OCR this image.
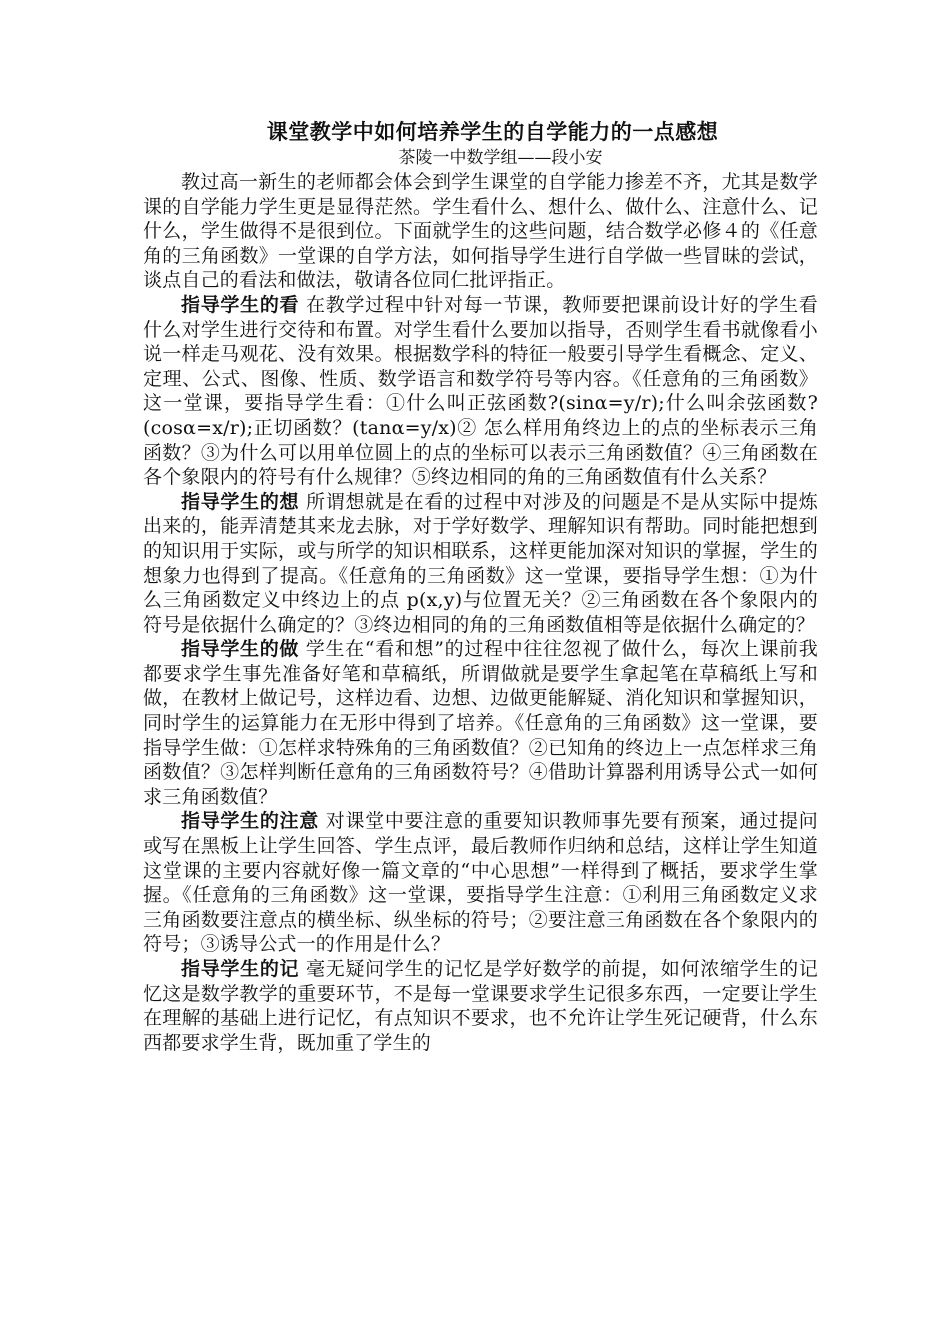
课堂教学中如何培养学生的自学能力的一点感想
茶陵一中数学组——段小安

教过高一新生的老师都会体会到学生课堂的自学能力掺差不齐，尤其是数学课的自学能力学生更是显得茫然。学生看什么、想什么、做什么、注意什么、记什么，学生做得不是很到位。下面就学生的这些问题，结合数学必修４的《任意角的三角函数》一堂课的自学方法，如何指导学生进行自学做一些冒昧的尝试，谈点自己的看法和做法，敬请各位同仁批评指正。

指导学生的看 在教学过程中针对每一节课，教师要把课前设计好的学生看什么对学生进行交待和布置。对学生看什么要加以指导，否则学生看书就像看小说一样走马观花、没有效果。根据数学科的特征一般要引导学生看概念、定义、定理、公式、图像、性质、数学语言和数学符号等内容。《任意角的三角函数》这一堂课，要指导学生看：①什么叫正弦函数?(sinα=y/r);什么叫余弦函数?(cosα=x/r);正切函数？(tanα=y/x)② 怎么样用角终边上的点的坐标表示三角函数？③为什么可以用单位圆上的点的坐标可以表示三角函数值？④三角函数在各个象限内的符号有什么规律？⑤终边相同的角的三角函数值有什么关系？

指导学生的想 所谓想就是在看的过程中对涉及的问题是不是从实际中提炼出来的，能弄清楚其来龙去脉，对于学好数学、理解知识有帮助。同时能把想到的知识用于实际，或与所学的知识相联系，这样更能加深对知识的掌握，学生的想象力也得到了提高。《任意角的三角函数》这一堂课，要指导学生想：①为什么三角函数定义中终边上的点 p(x,y)与位置无关？②三角函数在各个象限内的符号是依据什么确定的？③终边相同的角的三角函数值相等是依据什么确定的？

指导学生的做 学生在“看和想”的过程中往往忽视了做什么，每次上课前我都要求学生事先准备好笔和草稿纸，所谓做就是要学生拿起笔在草稿纸上写和做，在教材上做记号，这样边看、边想、边做更能解疑、消化知识和掌握知识，同时学生的运算能力在无形中得到了培养。《任意角的三角函数》这一堂课，要指导学生做：①怎样求特殊角的三角函数值？②已知角的终边上一点怎样求三角函数值？③怎样判断任意角的三角函数符号？④借助计算器利用诱导公式一如何求三角函数值？

指导学生的注意 对课堂中要注意的重要知识教师事先要有预案，通过提问或写在黑板上让学生回答、学生点评，最后教师作归纳和总结，这样让学生知道这堂课的主要内容就好像一篇文章的“中心思想”一样得到了概括，要求学生掌握。《任意角的三角函数》这一堂课，要指导学生注意：①利用三角函数定义求三角函数要注意点的横坐标、纵坐标的符号；②要注意三角函数在各个象限内的符号；③诱导公式一的作用是什么？

指导学生的记 毫无疑问学生的记忆是学好数学的前提，如何浓缩学生的记忆这是数学教学的重要环节，不是每一堂课要求学生记很多东西，一定要让学生在理解的基础上进行记忆，有点知识不要求，也不允许让学生死记硬背，什么东西都要求学生背，既加重了学生的
